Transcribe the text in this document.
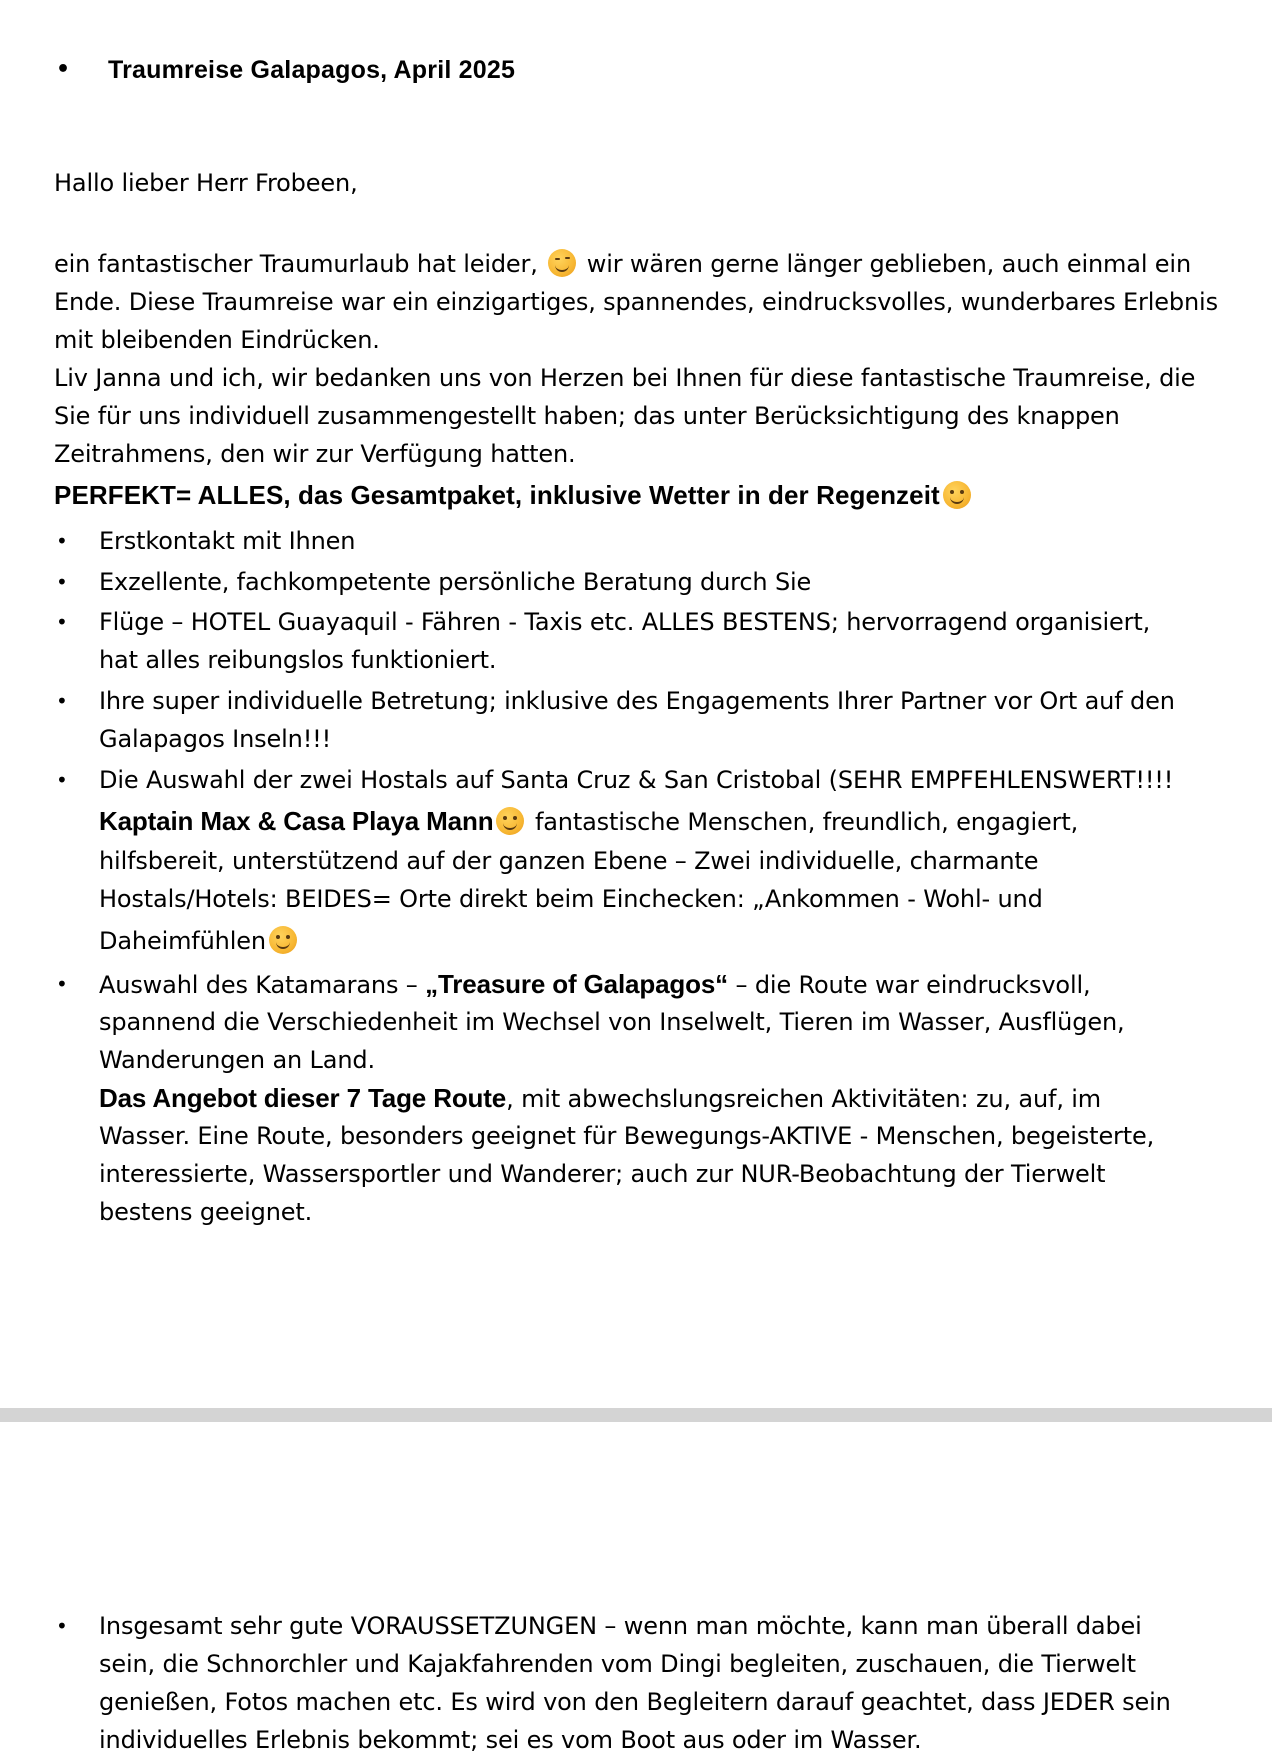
• Traumreise Galapagos, April 2025
Hallo lieber Herr Frobeen,
ein fantastischer Traumurlaub hat leider, wir wären gerne länger geblieben, auch einmal ein
Ende. Diese Traumreise war ein einzigartiges, spannendes, eindrucksvolles, wunderbares Erlebnis
mit bleibenden Eindrücken.
Liv Janna und ich, wir bedanken uns von Herzen bei Ihnen für diese fantastische Traumreise, die
Sie für uns individuell zusammengestellt haben; das unter Berücksichtigung des knappen
Zeitrahmens, den wir zur Verfügung hatten.
PERFEKT= ALLES, das Gesamtpaket, inklusive Wetter in der Regenzeit
• Erstkontakt mit Ihnen
• Exzellente, fachkompetente persönliche Beratung durch Sie
• Flüge – HOTEL Guayaquil - Fähren - Taxis etc. ALLES BESTENS; hervorragend organisiert,
hat alles reibungslos funktioniert.
• Ihre super individuelle Betretung; inklusive des Engagements Ihrer Partner vor Ort auf den
Galapagos Inseln!!!
• Die Auswahl der zwei Hostals auf Santa Cruz & San Cristobal (SEHR EMPFEHLENSWERT!!!!
Kaptain Max & Casa Playa Mann fantastische Menschen, freundlich, engagiert,
hilfsbereit, unterstützend auf der ganzen Ebene – Zwei individuelle, charmante
Hostals/Hotels: BEIDES= Orte direkt beim Einchecken: „Ankommen - Wohl- und
Daheimfühlen
• Auswahl des Katamarans – „Treasure of Galapagos“ – die Route war eindrucksvoll,
spannend die Verschiedenheit im Wechsel von Inselwelt, Tieren im Wasser, Ausflügen,
Wanderungen an Land.
Das Angebot dieser 7 Tage Route, mit abwechslungsreichen Aktivitäten: zu, auf, im
Wasser. Eine Route, besonders geeignet für Bewegungs-AKTIVE - Menschen, begeisterte,
interessierte, Wassersportler und Wanderer; auch zur NUR-Beobachtung der Tierwelt
bestens geeignet.
• Insgesamt sehr gute VORAUSSETZUNGEN – wenn man möchte, kann man überall dabei
sein, die Schnorchler und Kajakfahrenden vom Dingi begleiten, zuschauen, die Tierwelt
genießen, Fotos machen etc. Es wird von den Begleitern darauf geachtet, dass JEDER sein
individuelles Erlebnis bekommt; sei es vom Boot aus oder im Wasser.
